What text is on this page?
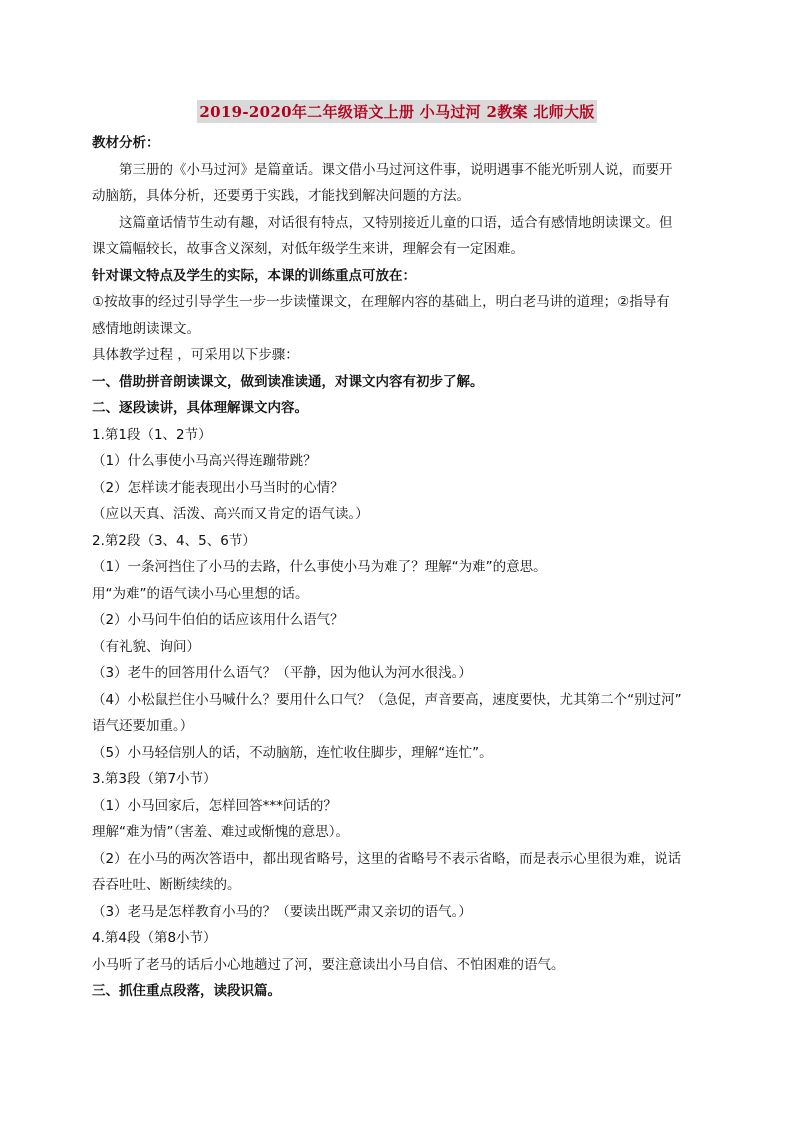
2019-2020年二年级语文上册 小马过河 2教案 北师大版
教材分析：
第三册的《小马过河》是篇童话。课文借小马过河这件事，说明遇事不能光听别人说，而要开
动脑筋，具体分析，还要勇于实践，才能找到解决问题的方法。
这篇童话情节生动有趣，对话很有特点，又特别接近儿童的口语，适合有感情地朗读课文。但
课文篇幅较长，故事含义深刻，对低年级学生来讲，理解会有一定困难。
针对课文特点及学生的实际，本课的训练重点可放在：
①按故事的经过引导学生一步一步读懂课文，在理解内容的基础上，明白老马讲的道理；②指导有
感情地朗读课文。
具体教学过程 ，可采用以下步骤：
一、借助拼音朗读课文，做到读准读通，对课文内容有初步了解。
二、逐段读讲，具体理解课文内容。
1.第1段（1、2节）
（1）什么事使小马高兴得连蹦带跳？
（2）怎样读才能表现出小马当时的心情？
（应以天真、活泼、高兴而又肯定的语气读。）
2.第2段（3、4、5、6节）
（1）一条河挡住了小马的去路，什么事使小马为难了？理解“为难”的意思。
用“为难”的语气读小马心里想的话。
（2）小马问牛伯伯的话应该用什么语气？
（有礼貌、询问）
（3）老牛的回答用什么语气？（平静，因为他认为河水很浅。）
（4）小松鼠拦住小马喊什么？要用什么口气？（急促，声音要高，速度要快，尤其第二个“别过河”
语气还要加重。）
（5）小马轻信别人的话，不动脑筋，连忙收住脚步，理解“连忙”。
3.第3段（第7小节）
（1）小马回家后，怎样回答***问话的？
理解“难为情”（害羞、难过或惭愧的意思）。
（2）在小马的两次答语中，都出现省略号，这里的省略号不表示省略，而是表示心里很为难，说话
吞吞吐吐、断断续续的。
（3）老马是怎样教育小马的？（要读出既严肃又亲切的语气。）
4.第4段（第8小节）
小马听了老马的话后小心地趟过了河，要注意读出小马自信、不怕困难的语气。
三、抓住重点段落，读段识篇。
